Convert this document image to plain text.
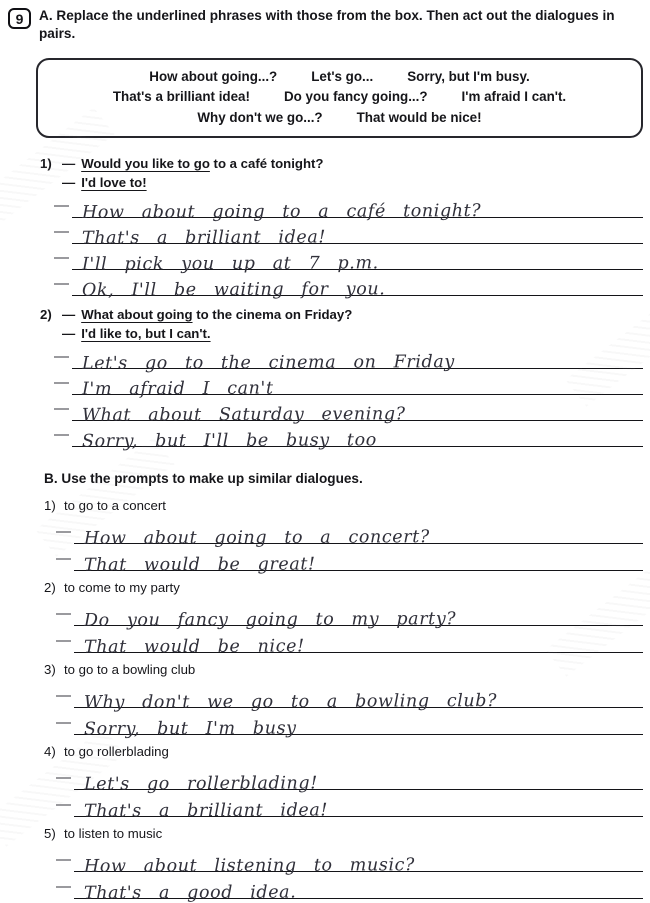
9 A. Replace the underlined phrases with those from the box. Then act out the dialogues in pairs.
How about going...?	Let's go...	Sorry, but I'm busy.
That's a brilliant idea!	Do you fancy going...?	I'm afraid I can't.
Why don't we go...?	That would be nice!
1) — Would you like to go to a café tonight?
— I'd love to!
— How about going to a café tonight?
— That's a brilliant idea!
— I'll pick you up at 7 p.m.
— Ok, I'll be waiting for you.
2) — What about going to the cinema on Friday?
— I'd like to, but I can't.
— Let's go to the cinema on Friday
— I'm afraid I can't
— What about Saturday evening?
— Sorry, but I'll be busy too
B. Use the prompts to make up similar dialogues.
1) to go to a concert
— How about going to a concert?
— That would be great!
2) to come to my party
— Do you fancy going to my party?
— That would be nice!
3) to go to a bowling club
— Why don't we go to a bowling club?
— Sorry, but I'm busy
4) to go rollerblading
— Let's go rollerblading!
— That's a brilliant idea!
5) to listen to music
— How about listening to music?
— That's a good idea.
